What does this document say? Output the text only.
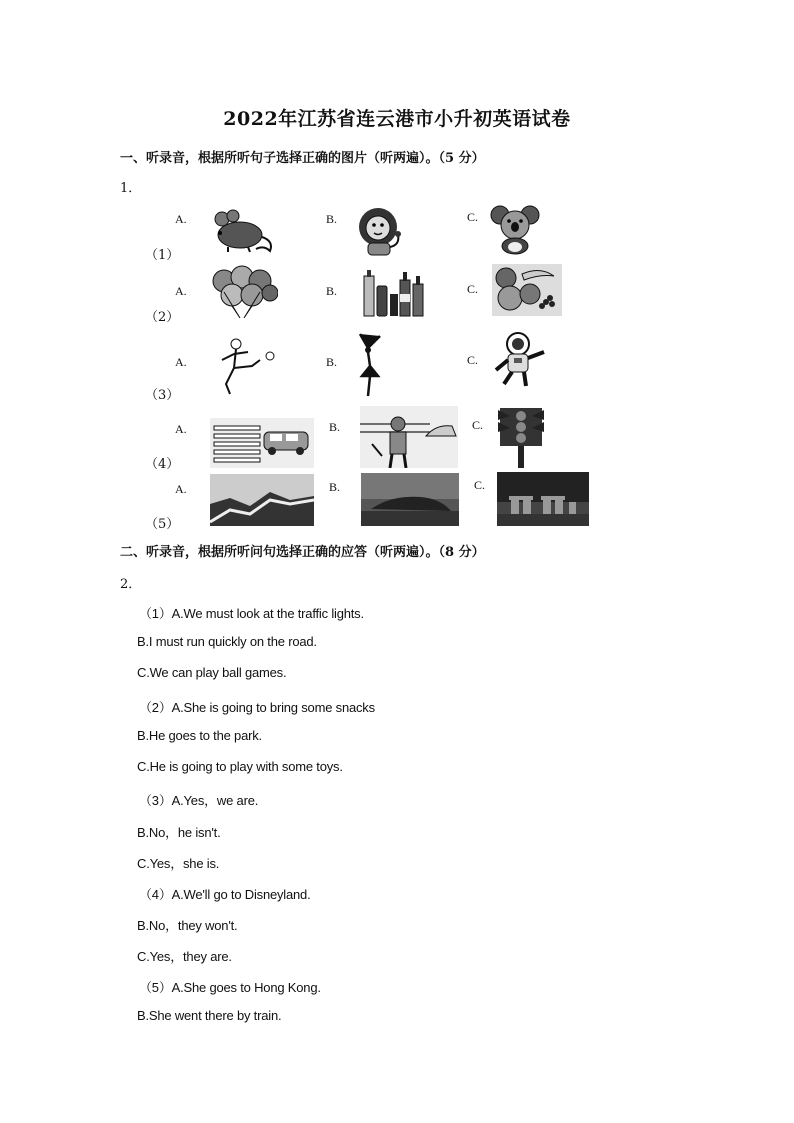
2022年江苏省连云港市小升初英语试卷
一、听录音，根据所听句子选择正确的图片（听两遍）。（5 分）
1．
（1）
A.	B.	C.
（2）
A.	B.	C.
（3）
A.	B.	C.
（4）
A.	B.	C.
（5）
A.	B.	C.
二、听录音，根据所听问句选择正确的应答（听两遍）。（8 分）
2．
（1）A.We must look at the traffic lights.
B.I must run quickly on the road.
C.We can play ball games.
（2）A.She is going to bring some snacks
B.He goes to the park.
C.He is going to play with some toys.
（3）A.Yes，we are.
B.No，he isn't.
C.Yes，she is.
（4）A.We'll go to Disneyland.
B.No，they won't.
C.Yes，they are.
（5）A.She goes to Hong Kong.
B.She went there by train.
